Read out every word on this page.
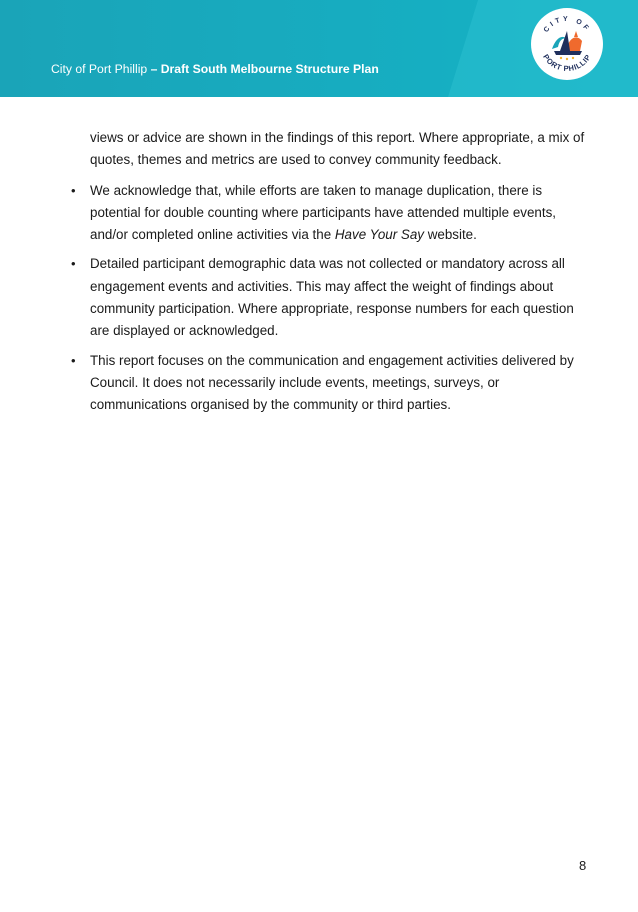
City of Port Phillip – Draft South Melbourne Structure Plan
CITY OF
PORT PHILLIP

views or advice are shown in the findings of this report. Where appropriate, a mix of quotes, themes and metrics are used to convey community feedback.

• We acknowledge that, while efforts are taken to manage duplication, there is potential for double counting where participants have attended multiple events, and/or completed online activities via the Have Your Say website.
• Detailed participant demographic data was not collected or mandatory across all engagement events and activities. This may affect the weight of findings about community participation. Where appropriate, response numbers for each question are displayed or acknowledged.
• This report focuses on the communication and engagement activities delivered by Council. It does not necessarily include events, meetings, surveys, or communications organised by the community or third parties.
8
